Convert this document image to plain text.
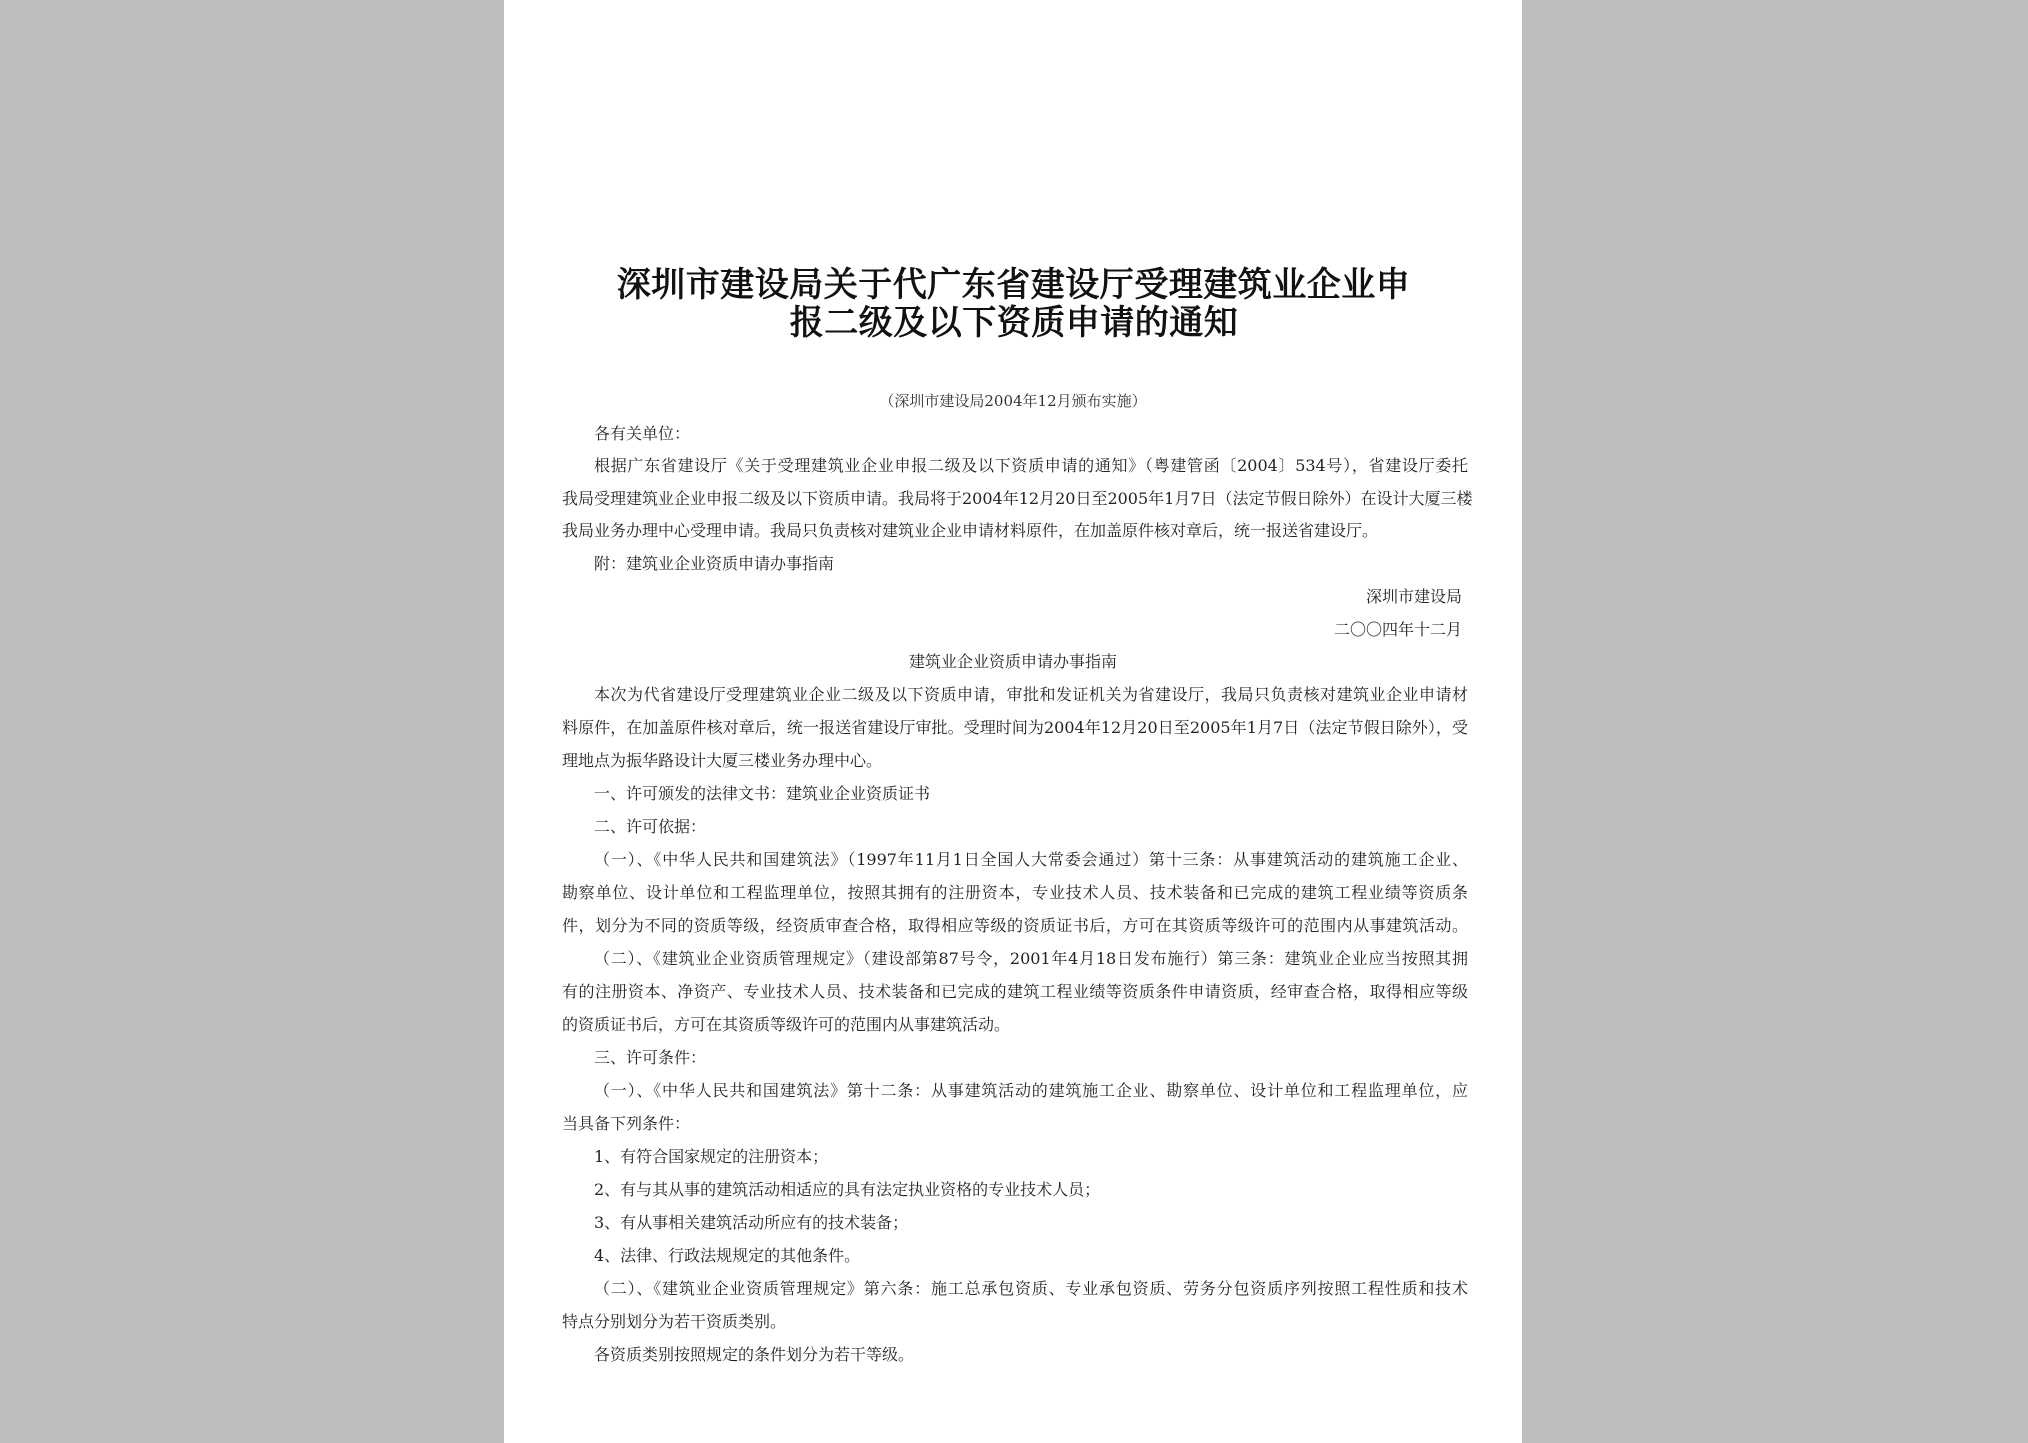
深圳市建设局关于代广东省建设厅受理建筑业企业申
报二级及以下资质申请的通知
（深圳市建设局2004年12月颁布实施）
各有关单位：
根据广东省建设厅《关于受理建筑业企业申报二级及以下资质申请的通知》（粤建管函〔2004〕534号），省建设厅委托
我局受理建筑业企业申报二级及以下资质申请。我局将于2004年12月20日至2005年1月7日（法定节假日除外）在设计大厦三楼
我局业务办理中心受理申请。我局只负责核对建筑业企业申请材料原件，在加盖原件核对章后，统一报送省建设厅。
附：建筑业企业资质申请办事指南
深圳市建设局
二〇〇四年十二月
建筑业企业资质申请办事指南
本次为代省建设厅受理建筑业企业二级及以下资质申请，审批和发证机关为省建设厅，我局只负责核对建筑业企业申请材
料原件，在加盖原件核对章后，统一报送省建设厅审批。受理时间为2004年12月20日至2005年1月7日（法定节假日除外），受
理地点为振华路设计大厦三楼业务办理中心。
一、许可颁发的法律文书：建筑业企业资质证书
二、许可依据：
（一）、《中华人民共和国建筑法》（1997年11月1日全国人大常委会通过）第十三条：从事建筑活动的建筑施工企业、
勘察单位、设计单位和工程监理单位，按照其拥有的注册资本，专业技术人员、技术装备和已完成的建筑工程业绩等资质条
件，划分为不同的资质等级，经资质审查合格，取得相应等级的资质证书后，方可在其资质等级许可的范围内从事建筑活动。
（二）、《建筑业企业资质管理规定》（建设部第87号令，2001年4月18日发布施行）第三条：建筑业企业应当按照其拥
有的注册资本、净资产、专业技术人员、技术装备和已完成的建筑工程业绩等资质条件申请资质，经审查合格，取得相应等级
的资质证书后，方可在其资质等级许可的范围内从事建筑活动。
三、许可条件：
（一）、《中华人民共和国建筑法》第十二条：从事建筑活动的建筑施工企业、勘察单位、设计单位和工程监理单位，应
当具备下列条件：
1、有符合国家规定的注册资本；
2、有与其从事的建筑活动相适应的具有法定执业资格的专业技术人员；
3、有从事相关建筑活动所应有的技术装备；
4、法律、行政法规规定的其他条件。
（二）、《建筑业企业资质管理规定》第六条：施工总承包资质、专业承包资质、劳务分包资质序列按照工程性质和技术
特点分别划分为若干资质类别。
各资质类别按照规定的条件划分为若干等级。
